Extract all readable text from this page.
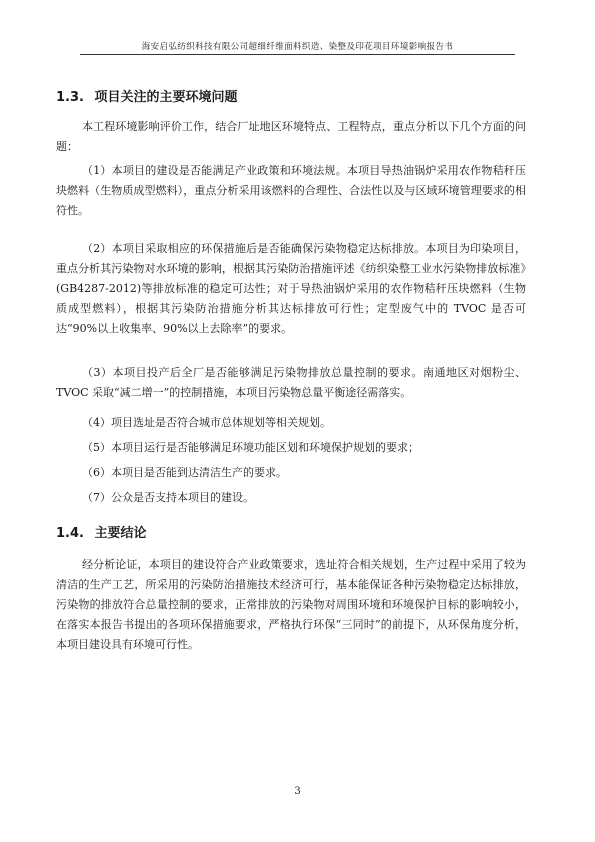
海安启弘纺织科技有限公司超细纤维面料织造、染整及印花项目环境影响报告书
1.3. 项目关注的主要环境问题

本工程环境影响评价工作，结合厂址地区环境特点、工程特点，重点分析以下几个方面的问题：

（1）本项目的建设是否能满足产业政策和环境法规。本项目导热油锅炉采用农作物秸秆压块燃料（生物质成型燃料），重点分析采用该燃料的合理性、合法性以及与区域环境管理要求的相符性。

（2）本项目采取相应的环保措施后是否能确保污染物稳定达标排放。本项目为印染项目，重点分析其污染物对水环境的影响，根据其污染防治措施评述《纺织染整工业水污染物排放标准》(GB4287-2012)等排放标准的稳定可达性；对于导热油锅炉采用的农作物秸秆压块燃料（生物质成型燃料），根据其污染防治措施分析其达标排放可行性；定型废气中的 TVOC 是否可达“90%以上收集率、90%以上去除率”的要求。

（3）本项目投产后全厂是否能够满足污染物排放总量控制的要求。南通地区对烟粉尘、TVOC 采取“减二增一”的控制措施，本项目污染物总量平衡途径需落实。

（4）项目选址是否符合城市总体规划等相关规划。

（5）本项目运行是否能够满足环境功能区划和环境保护规划的要求；

（6）本项目是否能到达清洁生产的要求。

（7）公众是否支持本项目的建设。

1.4. 主要结论

经分析论证，本项目的建设符合产业政策要求，选址符合相关规划，生产过程中采用了较为清洁的生产工艺，所采用的污染防治措施技术经济可行，基本能保证各种污染物稳定达标排放，污染物的排放符合总量控制的要求，正常排放的污染物对周围环境和环境保护目标的影响较小，在落实本报告书提出的各项环保措施要求，严格执行环保“三同时”的前提下，从环保角度分析，本项目建设具有环境可行性。

3
